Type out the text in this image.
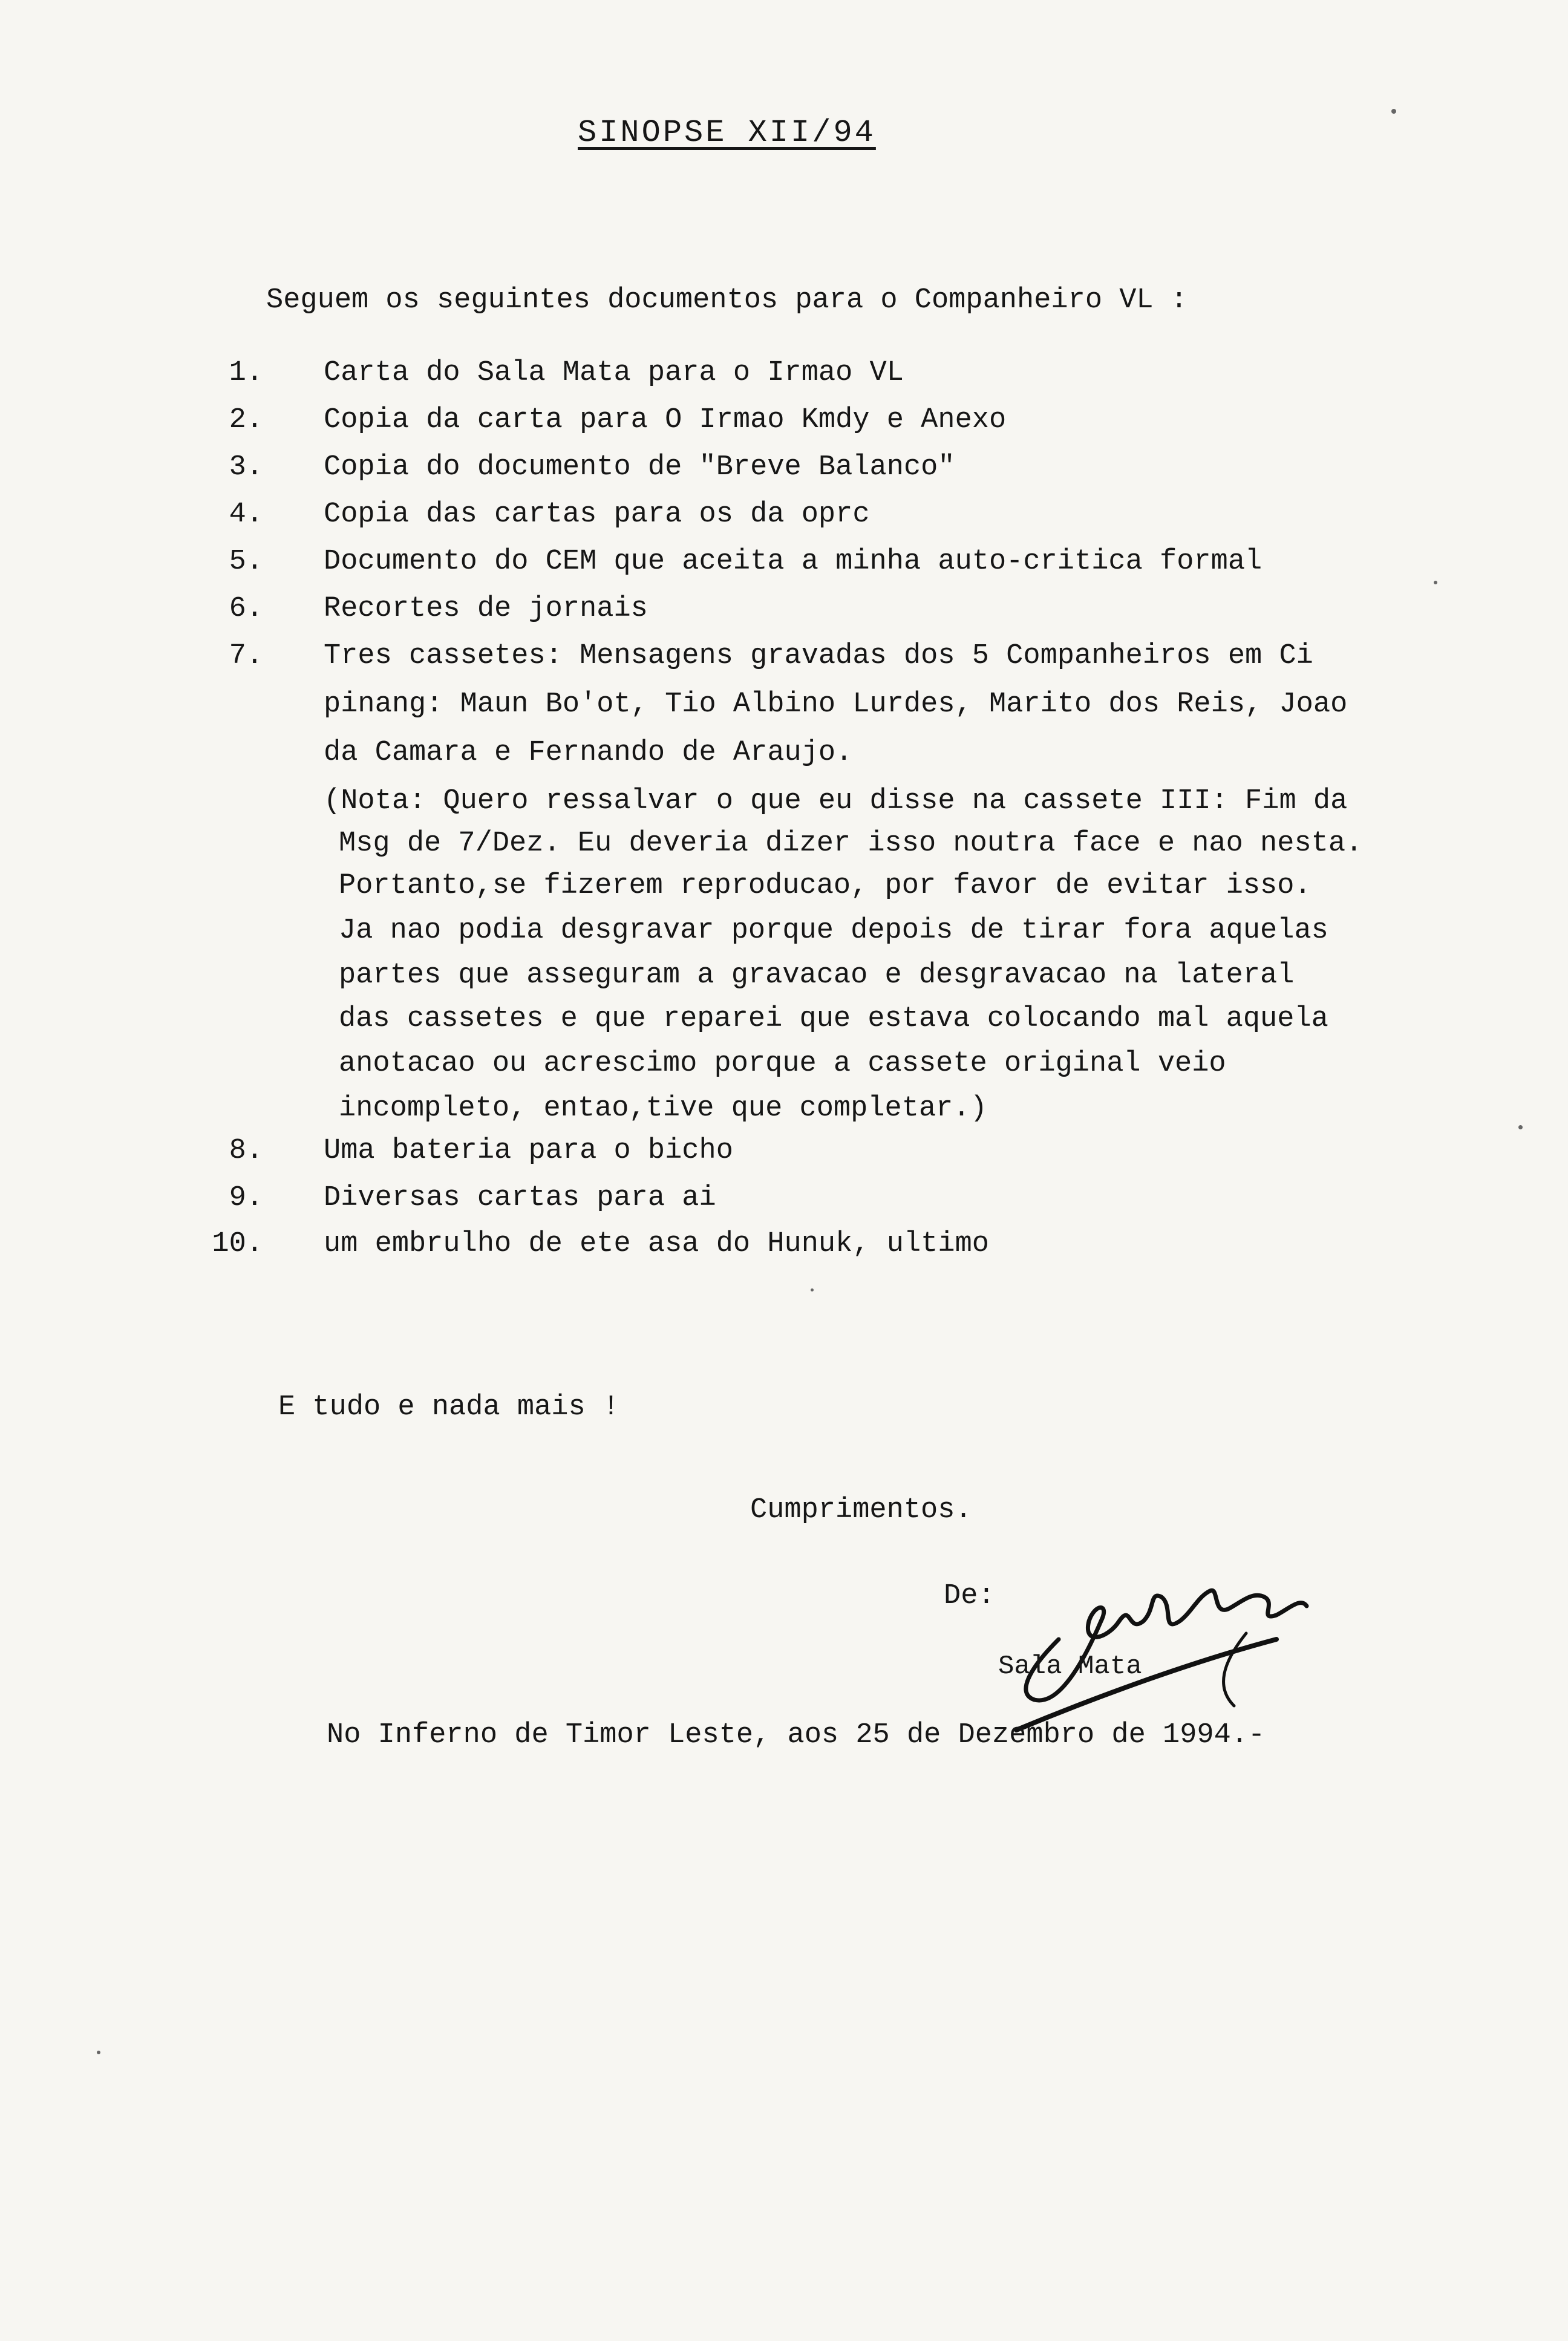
SINOPSE XII/94
Seguem os seguintes documentos para o Companheiro VL :
1. Carta do Sala Mata para o Irmao VL
2. Copia da carta para O Irmao Kmdy e Anexo
3. Copia do documento de "Breve Balanco"
4. Copia das cartas para os da oprc
5. Documento do CEM que aceita a minha auto-critica formal
6. Recortes de jornais
7. Tres cassetes: Mensagens gravadas dos 5 Companheiros em Ci
pinang: Maun Bo'ot, Tio Albino Lurdes, Marito dos Reis, Joao
da Camara e Fernando de Araujo.
(Nota: Quero ressalvar o que eu disse na cassete III: Fim da
Msg de 7/Dez. Eu deveria dizer isso noutra face e nao nesta.
Portanto,se fizerem reproducao, por favor de evitar isso.
Ja nao podia desgravar porque depois de tirar fora aquelas
partes que asseguram a gravacao e desgravacao na lateral
das cassetes e que reparei que estava colocando mal aquela
anotacao ou acrescimo porque a cassete original veio
incompleto, entao,tive que completar.)
8. Uma bateria para o bicho
9. Diversas cartas para ai
10. um embrulho de ete asa do Hunuk, ultimo
E tudo e nada mais !
Cumprimentos.
De:
Sala Mata
No Inferno de Timor Leste, aos 25 de Dezembro de 1994.-
